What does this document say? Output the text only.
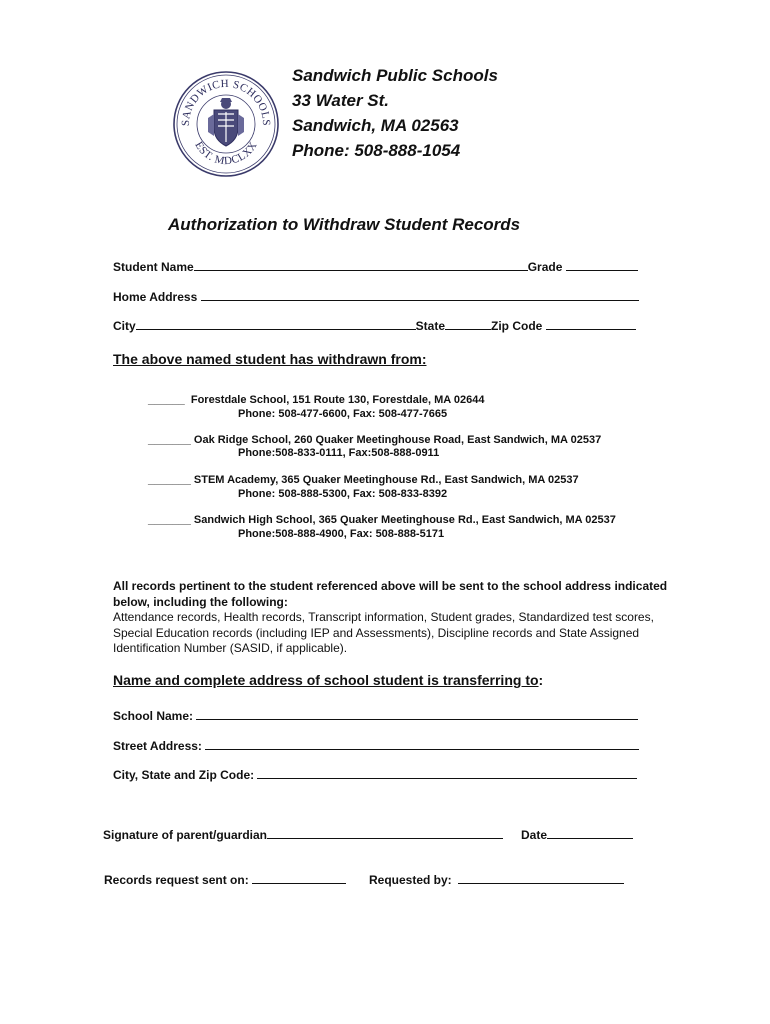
SANDWICH SCHOOLS
EST. MDCLXX
Sandwich Public Schools
33 Water St.
Sandwich, MA 02563
Phone: 508-888-1054
Authorization to Withdraw Student Records
Student Name	Grade
Home Address
City	State	Zip Code
The above named student has withdrawn from:
______ Forestdale School, 151 Route 130, Forestdale, MA 02644
Phone: 508-477-6600, Fax: 508-477-7665
_______ Oak Ridge School, 260 Quaker Meetinghouse Road, East Sandwich, MA 02537
Phone:508-833-0111, Fax:508-888-0911
_______ STEM Academy, 365 Quaker Meetinghouse Rd., East Sandwich, MA 02537
Phone: 508-888-5300, Fax: 508-833-8392
_______ Sandwich High School, 365 Quaker Meetinghouse Rd., East Sandwich, MA 02537
Phone:508-888-4900, Fax: 508-888-5171
All records pertinent to the student referenced above will be sent to the school address indicated below, including the following:
Attendance records, Health records, Transcript information, Student grades, Standardized test scores, Special Education records (including IEP and Assessments), Discipline records and State Assigned Identification Number (SASID, if applicable).
Name and complete address of school student is transferring to:
School Name:
Street Address:
City, State and Zip Code:
Signature of parent/guardian	Date
Records request sent on:	Requested by:
